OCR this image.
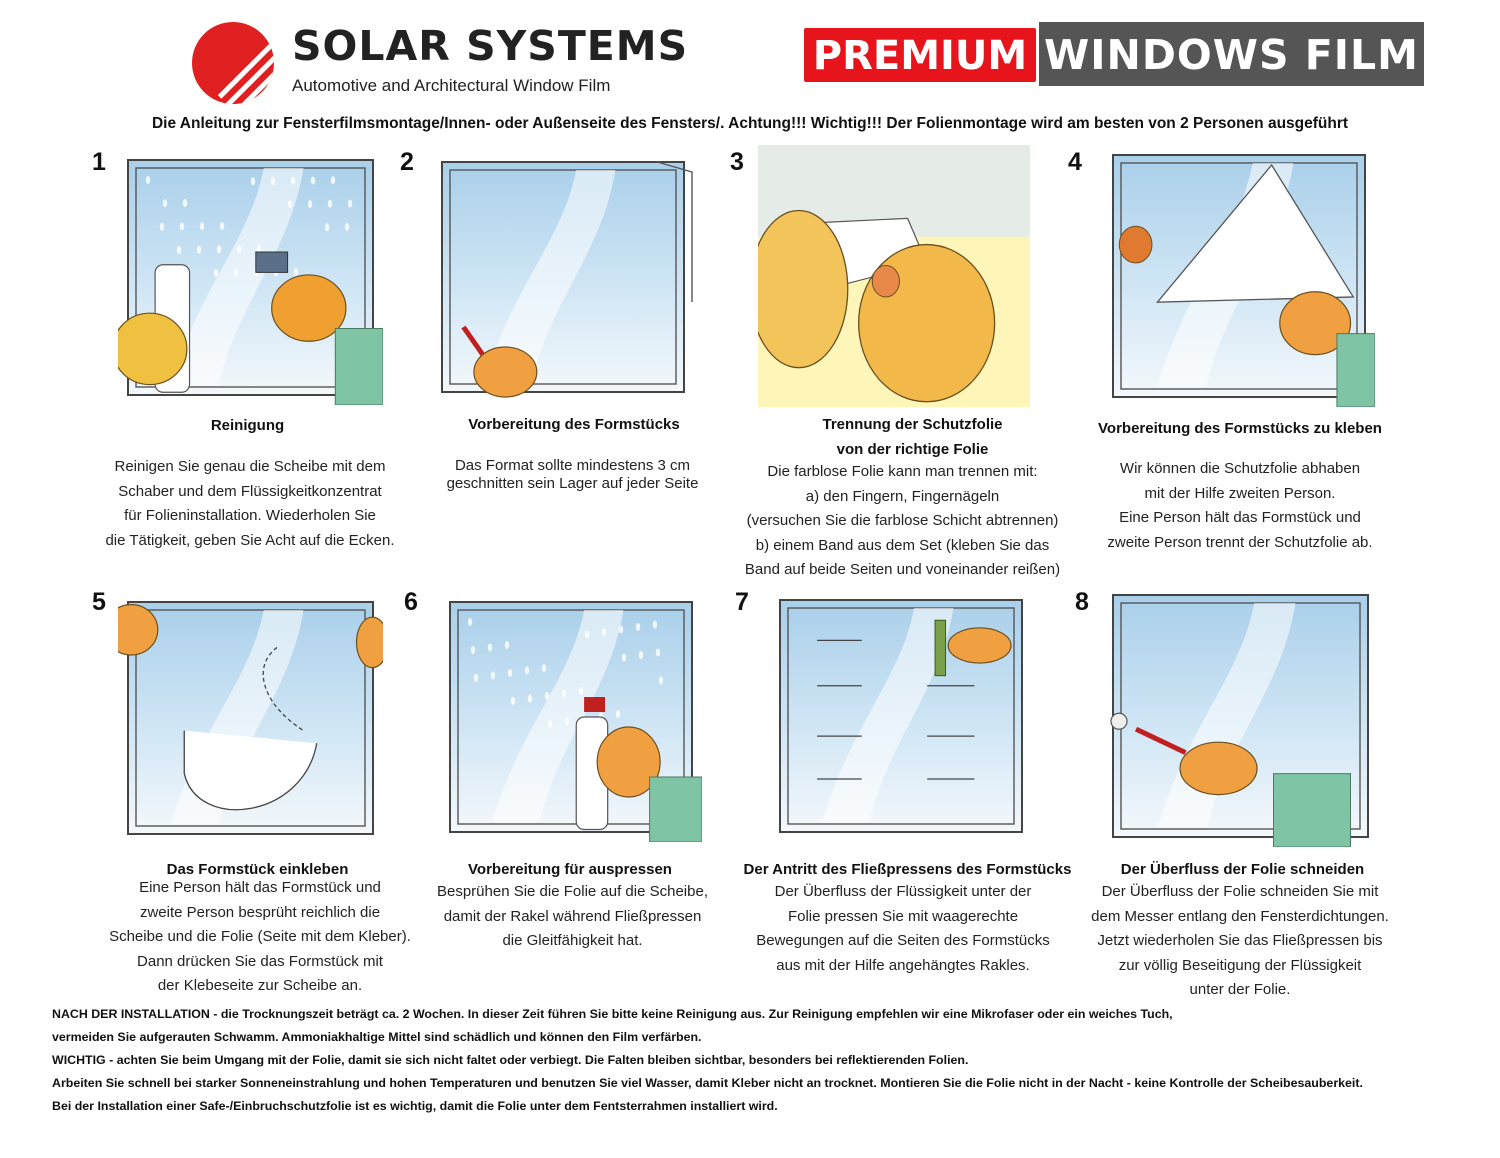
SOLAR SYSTEMS
Automotive and Architectural Window Film
PREMIUM WINDOWS FILM
Die Anleitung zur Fensterfilmsmontage/Innen- oder Außenseite des Fensters/. Achtung!!! Wichtig!!! Der Folienmontage wird am besten von 2 Personen ausgeführt
1
Reinigung
Reinigen Sie genau die Scheibe mit dem
Schaber und dem Flüssigkeitkonzentrat
für Folieninstallation. Wiederholen Sie
die Tätigkeit, geben Sie Acht auf die Ecken.
2
Vorbereitung des Formstücks
Das Format sollte mindestens 3 cm
geschnitten sein Lager auf jeder Seite
3
Trennung der Schutzfolie
von der richtige Folie
Die farblose Folie kann man trennen mit:
a) den Fingern, Fingernägeln
(versuchen Sie die farblose Schicht abtrennen)
b) einem Band aus dem Set (kleben Sie das
Band auf beide Seiten und voneinander reißen)
4
Vorbereitung des Formstücks zu kleben
Wir können die Schutzfolie abhaben
mit der Hilfe zweiten Person.
Eine Person hält das Formstück und
zweite Person trennt der Schutzfolie ab.
5
Das Formstück einkleben
Eine Person hält das Formstück und
zweite Person besprüht reichlich die
Scheibe und die Folie (Seite mit dem Kleber).
Dann drücken Sie das Formstück mit
der Klebeseite zur Scheibe an.
6
Vorbereitung für auspressen
Besprühen Sie die Folie auf die Scheibe,
damit der Rakel während Fließpressen
die Gleitfähigkeit hat.
7
Der Antritt des Fließpressens des Formstücks
Der Überfluss der Flüssigkeit unter der
Folie pressen Sie mit waagerechte
Bewegungen auf die Seiten des Formstücks
aus mit der Hilfe angehängtes Rakles.
8
Der Überfluss der Folie schneiden
Der Überfluss der Folie schneiden Sie mit
dem Messer entlang den Fensterdichtungen.
Jetzt wiederholen Sie das Fließpressen bis
zur völlig Beseitigung der Flüssigkeit
unter der Folie.
NACH DER INSTALLATION - die Trocknungszeit beträgt ca. 2 Wochen. In dieser Zeit führen Sie bitte keine Reinigung aus. Zur Reinigung empfehlen wir eine Mikrofaser oder ein weiches Tuch,
vermeiden Sie aufgerauten Schwamm. Ammoniakhaltige Mittel sind schädlich und können den Film verfärben.
WICHTIG - achten Sie beim Umgang mit der Folie, damit sie sich nicht faltet oder verbiegt. Die Falten bleiben sichtbar, besonders bei reflektierenden Folien.
Arbeiten Sie schnell bei starker Sonneneinstrahlung und hohen Temperaturen und benutzen Sie viel Wasser, damit Kleber nicht an trocknet. Montieren Sie die Folie nicht in der Nacht - keine Kontrolle der Scheibesauberkeit.
Bei der Installation einer Safe-/Einbruchschutzfolie ist es wichtig, damit die Folie unter dem Fentsterrahmen installiert wird.
